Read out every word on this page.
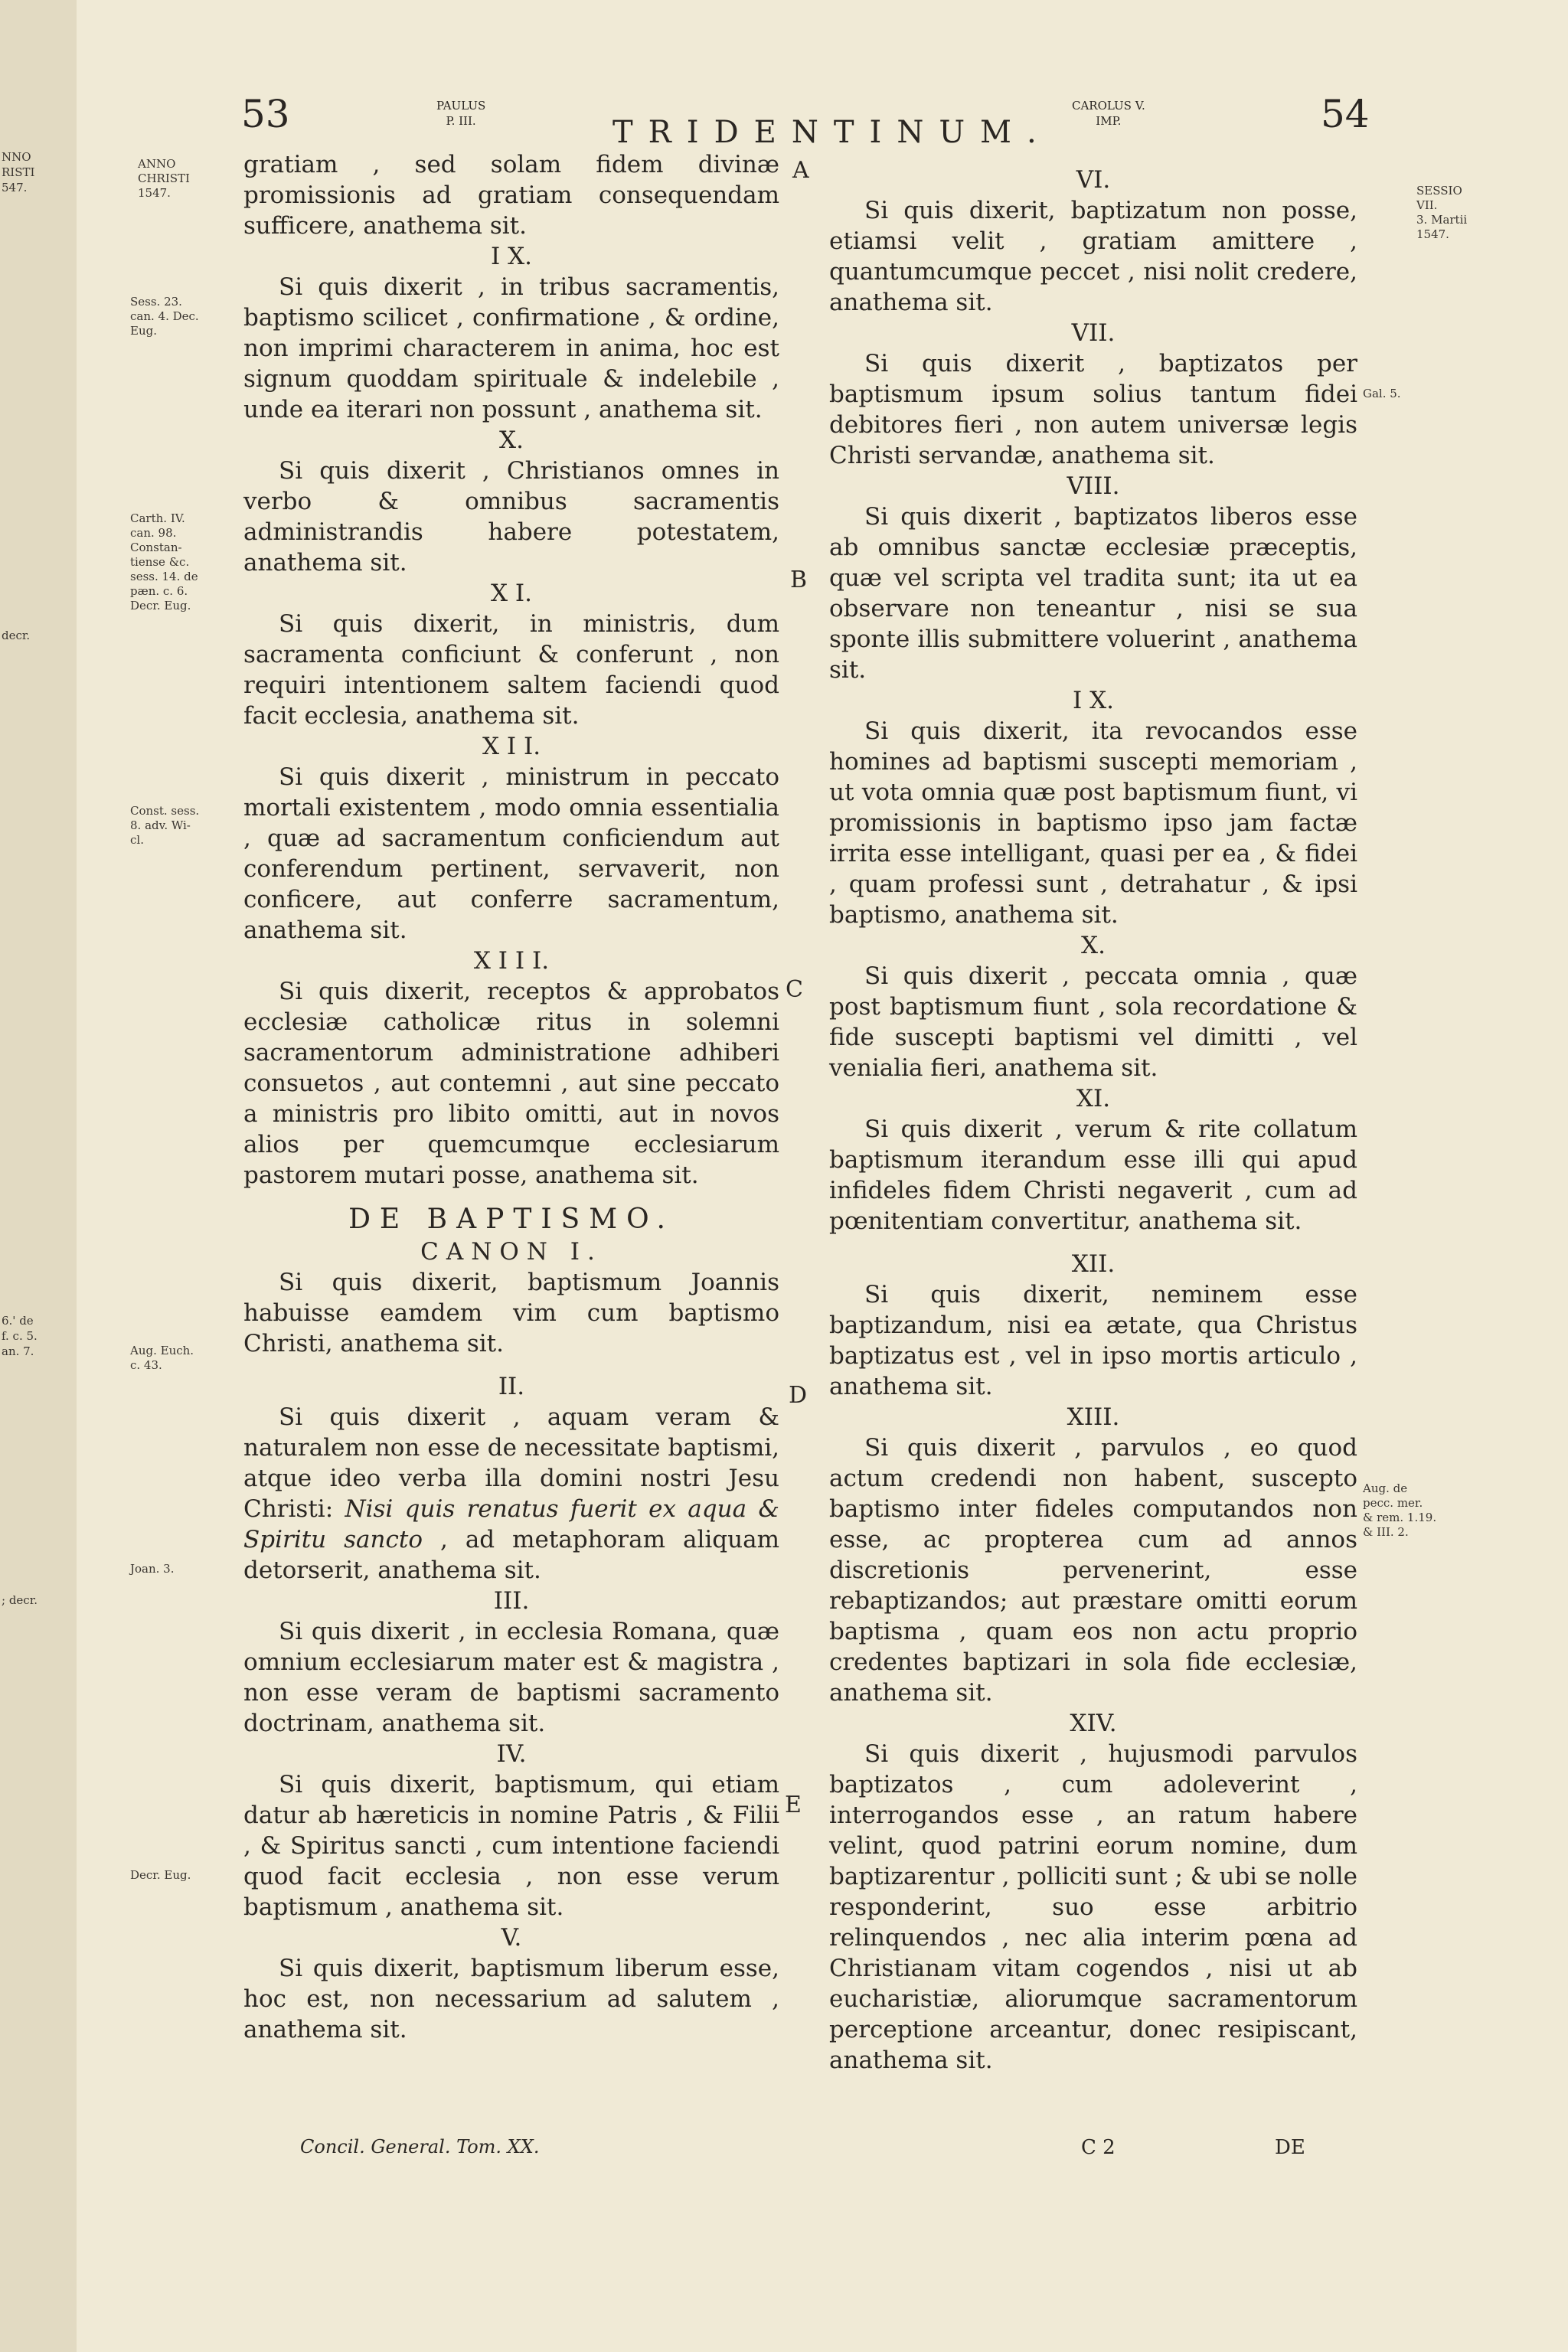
NNO
RISTI
547.
decr.
6.' de
f. c. 5.
an. 7.
; decr.
53	PAULUS
P. III.	TRIDENTINUM.
CAROLUS V.
IMP.	54
ANNO
CHRISTI
1547.
Sess. 23.
can. 4. Dec.
Eug.
Carth. IV.
can. 98.
Constan-
tiense &c.
sess. 14. de
pæn. c. 6.
Decr. Eug.
Const. sess.
8. adv. Wi-
cl.
Aug. Euch.
c. 43.
Joan. 3.
Decr. Eug.
SESSIO
VII.
3. Martii
1547.
Gal. 5.
Aug. de
pecc. mer.
& rem. 1.19.
& III. 2.
A
B
C
D
E

gratiam , sed solam fidem divinæ promissionis ad gratiam consequendam sufficere, anathema sit.

I X.

Si quis dixerit , in tribus sacramentis, baptismo scilicet , confirmatione , & ordine, non imprimi characterem in anima, hoc est signum quoddam spirituale & indelebile , unde ea iterari non possunt , anathema sit.

X.

Si quis dixerit , Christianos omnes in verbo & omnibus sacramentis administrandis habere potestatem, anathema sit.

X I.

Si quis dixerit, in ministris, dum sacramenta conficiunt & conferunt , non requiri intentionem saltem faciendi quod facit ecclesia, anathema sit.

X I I.

Si quis dixerit , ministrum in peccato mortali existentem , modo omnia essentialia , quæ ad sacramentum conficiendum aut conferendum pertinent, servaverit, non conficere, aut conferre sacramentum, anathema sit.

X I I I.

Si quis dixerit, receptos & approbatos ecclesiæ catholicæ ritus in solemni sacramentorum administratione adhiberi consuetos , aut contemni , aut sine peccato a ministris pro libito omitti, aut in novos alios per quemcumque ecclesiarum pastorem mutari posse, anathema sit.

DE BAPTISMO.
CANON I.

Si quis dixerit, baptismum Joannis habuisse eamdem vim cum baptismo Christi, anathema sit.

II.

Si quis dixerit , aquam veram & naturalem non esse de necessitate baptismi, atque ideo verba illa domini nostri Jesu Christi: Nisi quis renatus fuerit ex aqua & Spiritu sancto , ad metaphoram aliquam detorserit, anathema sit.

III.

Si quis dixerit , in ecclesia Romana, quæ omnium ecclesiarum mater est & magistra , non esse veram de baptismi sacramento doctrinam, anathema sit.

IV.

Si quis dixerit, baptismum, qui etiam datur ab hæreticis in nomine Patris , & Filii , & Spiritus sancti , cum intentione faciendi quod facit ecclesia , non esse verum baptismum , anathema sit.

V.

Si quis dixerit, baptismum liberum esse, hoc est, non necessarium ad salutem , anathema sit.

VI.

Si quis dixerit, baptizatum non posse, etiamsi velit , gratiam amittere , quantumcumque peccet , nisi nolit credere, anathema sit.

VII.

Si quis dixerit , baptizatos per baptismum ipsum solius tantum fidei debitores fieri , non autem universæ legis Christi servandæ, anathema sit.

VIII.

Si quis dixerit , baptizatos liberos esse ab omnibus sanctæ ecclesiæ præceptis, quæ vel scripta vel tradita sunt; ita ut ea observare non teneantur , nisi se sua sponte illis submittere voluerint , anathema sit.

I X.

Si quis dixerit, ita revocandos esse homines ad baptismi suscepti memoriam , ut vota omnia quæ post baptismum fiunt, vi promissionis in baptismo ipso jam factæ irrita esse intelligant, quasi per ea , & fidei , quam professi sunt , detrahatur , & ipsi baptismo, anathema sit.

X.

Si quis dixerit , peccata omnia , quæ post baptismum fiunt , sola recordatione & fide suscepti baptismi vel dimitti , vel venialia fieri, anathema sit.

XI.

Si quis dixerit , verum & rite collatum baptismum iterandum esse illi qui apud infideles fidem Christi negaverit , cum ad pœnitentiam convertitur, anathema sit.

XII.

Si quis dixerit, neminem esse baptizandum, nisi ea ætate, qua Christus baptizatus est , vel in ipso mortis articulo , anathema sit.

XIII.

Si quis dixerit , parvulos , eo quod actum credendi non habent, suscepto baptismo inter fideles computandos non esse, ac propterea cum ad annos discretionis pervenerint, esse rebaptizandos; aut præstare omitti eorum baptisma , quam eos non actu proprio credentes baptizari in sola fide ecclesiæ, anathema sit.

XIV.

Si quis dixerit , hujusmodi parvulos baptizatos , cum adoleverint , interrogandos esse , an ratum habere velint, quod patrini eorum nomine, dum baptizarentur , polliciti sunt ; & ubi se nolle responderint, suo esse arbitrio relinquendos , nec alia interim pœna ad Christianam vitam cogendos , nisi ut ab eucharistiæ, aliorumque sacramentorum perceptione arceantur, donec resipiscant, anathema sit.

Concil. General. Tom. XX.	C 2	DE
